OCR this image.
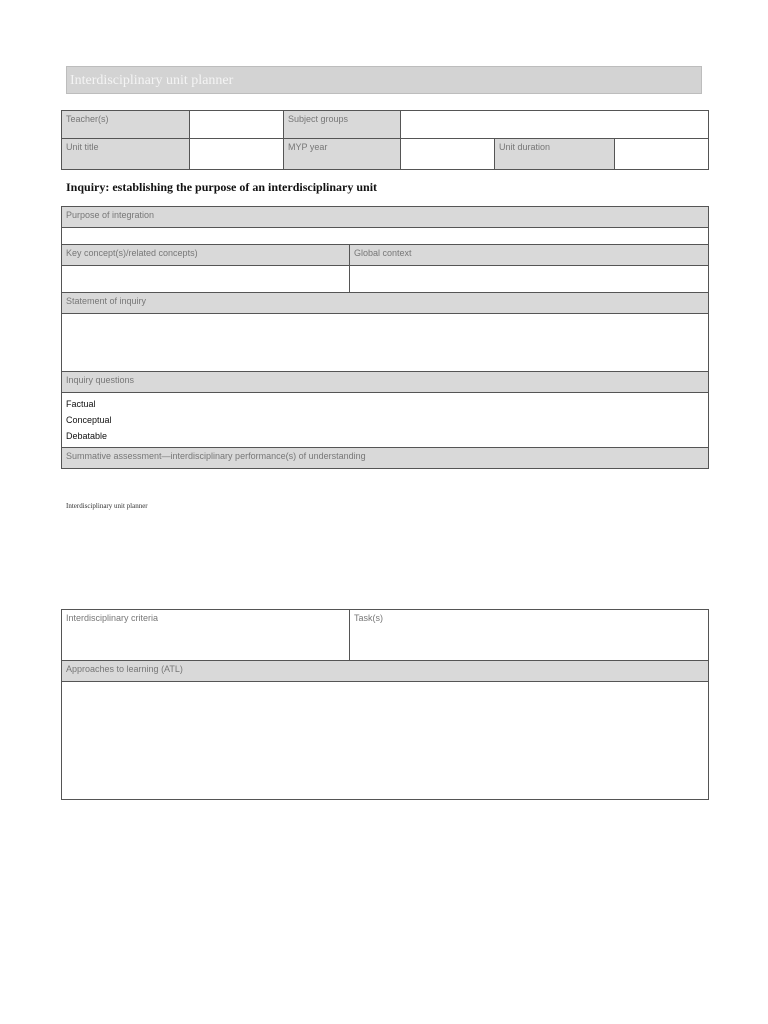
Interdisciplinary unit planner
Teacher(s)		Subject groups			
Unit title		MYP year		Unit duration	
Inquiry: establishing the purpose of an interdisciplinary unit
Purpose of integration	

Key concept(s)/related concepts)	Global context

Statement of inquiry	

Inquiry questions	

Factual
Conceptual
Debatable	

Summative assessment—interdisciplinary performance(s) of understanding	
Interdisciplinary unit planner
Interdisciplinary criteria	Task(s)
Approaches to learning (ATL)
